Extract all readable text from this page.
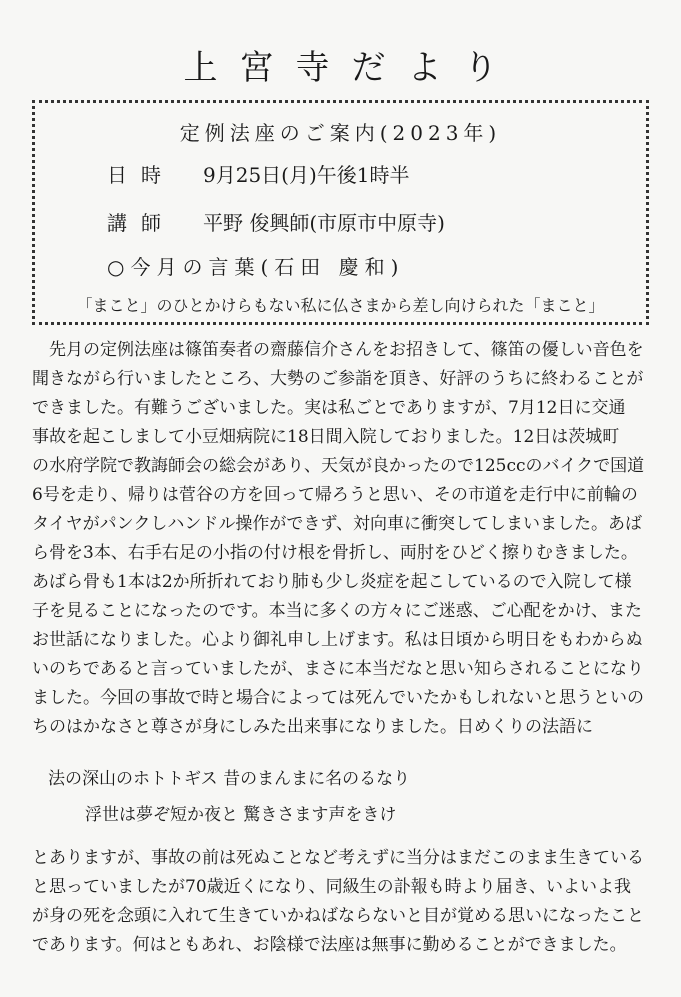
上宮寺だより
定例法座のご案内(2023年)
日時 9月25日(月)午後1時半
講師 平野 俊興師(市原市中原寺)
○今月の言葉(石田 慶和)
「まこと」のひとかけらもない私に仏さまから差し向けられた「まこと」

先月の定例法座は篠笛奏者の齋藤信介さんをお招きして、篠笛の優しい音色を

聞きながら行いましたところ、大勢のご参詣を頂き、好評のうちに終わることが

できました。有難うございました。実は私ごとでありますが、7月12日に交通

事故を起こしまして小豆畑病院に18日間入院しておりました。12日は茨城町

の水府学院で教誨師会の総会があり、天気が良かったので125ccのバイクで国道

6号を走り、帰りは菅谷の方を回って帰ろうと思い、その市道を走行中に前輪の

タイヤがパンクしハンドル操作ができず、対向車に衝突してしまいました。あば

ら骨を3本、右手右足の小指の付け根を骨折し、両肘をひどく擦りむきました。

あばら骨も1本は2か所折れており肺も少し炎症を起こしているので入院して様

子を見ることになったのです。本当に多くの方々にご迷惑、ご心配をかけ、また

お世話になりました。心より御礼申し上げます。私は日頃から明日をもわからぬ

いのちであると言っていましたが、まさに本当だなと思い知らされることになり

ました。今回の事故で時と場合によっては死んでいたかもしれないと思うといの

ちのはかなさと尊さが身にしみた出来事になりました。日めくりの法語に

法の深山のホトトギス 昔のまんまに名のるなり
浮世は夢ぞ短か夜と 驚きさます声をきけ

とありますが、事故の前は死ぬことなど考えずに当分はまだこのまま生きている

と思っていましたが70歳近くになり、同級生の訃報も時より届き、いよいよ我

が身の死を念頭に入れて生きていかねばならないと目が覚める思いになったこと

であります。何はともあれ、お陰様で法座は無事に勤めることができました。
